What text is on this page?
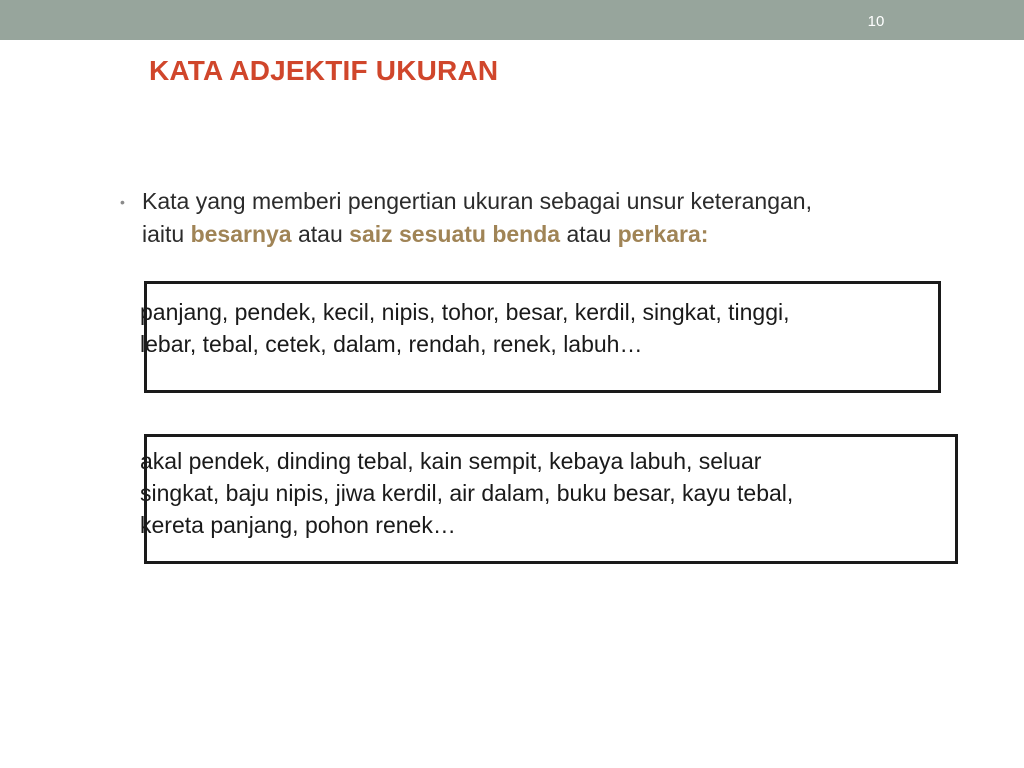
10
KATA ADJEKTIF UKURAN
• Kata yang memberi pengertian ukuran sebagai unsur keterangan,
iaitu besarnya atau saiz sesuatu benda atau perkara:

panjang, pendek, kecil, nipis, tohor, besar, kerdil, singkat, tinggi,
lebar, tebal, cetek, dalam, rendah, renek, labuh…

akal pendek, dinding tebal, kain sempit, kebaya labuh, seluar
singkat, baju nipis, jiwa kerdil, air dalam, buku besar, kayu tebal,
kereta panjang, pohon renek…
